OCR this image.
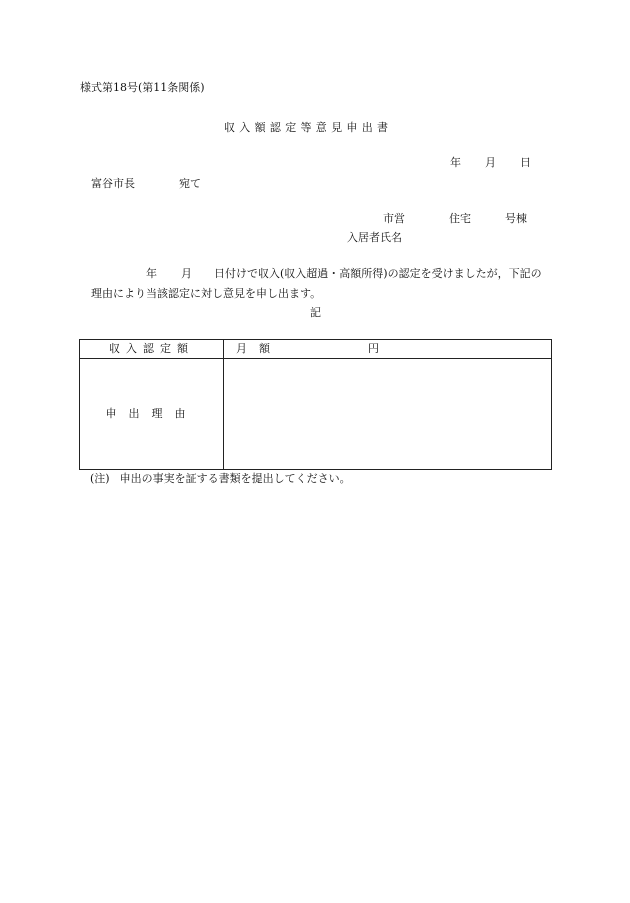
様式第18号(第11条関係)
収入額認定等意見申出書
年 月 日
富谷市長	宛て
市営	住宅	号棟
入居者氏名
年 月 日付けで収入(収入超過・高額所得)の認定を受けましたが，下記の
理由により当該認定に対し意見を申し出ます。
記
収入認定額	月額 円
申出理由	
(注) 申出の事実を証する書類を提出してください。
